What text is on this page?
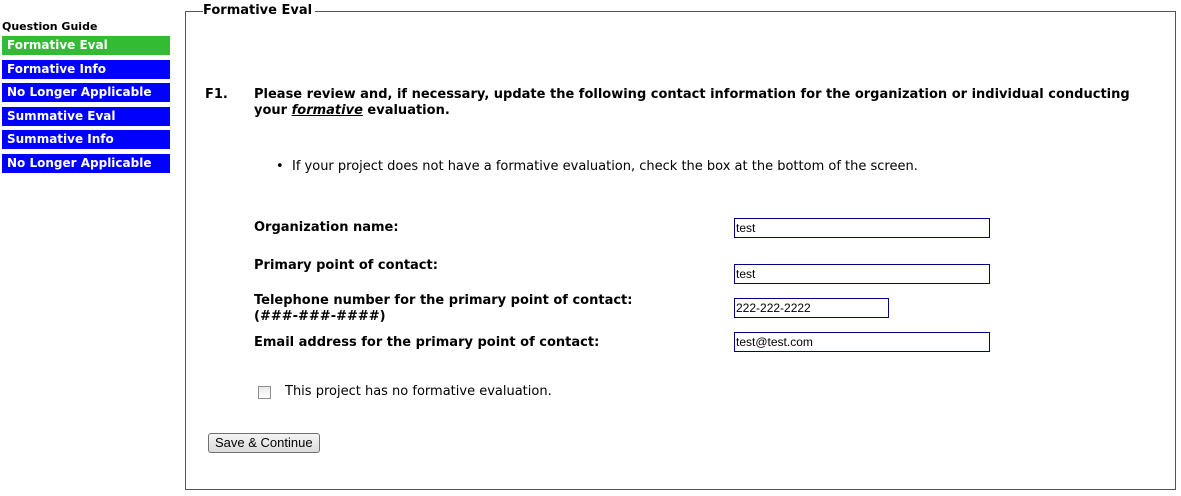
Question Guide
Formative Eval
Formative Info
No Longer Applicable
Summative Eval
Summative Info
No Longer Applicable
Formative Eval
F1. Please review and, if necessary, update the following contact information for the organization or individual conducting your formative evaluation.
• If your project does not have a formative evaluation, check the box at the bottom of the screen.
Organization name:
test
Primary point of contact:
test
Telephone number for the primary point of contact:
(###-###-####)
222-222-2222
Email address for the primary point of contact:
test@test.com
This project has no formative evaluation.
Save & Continue
